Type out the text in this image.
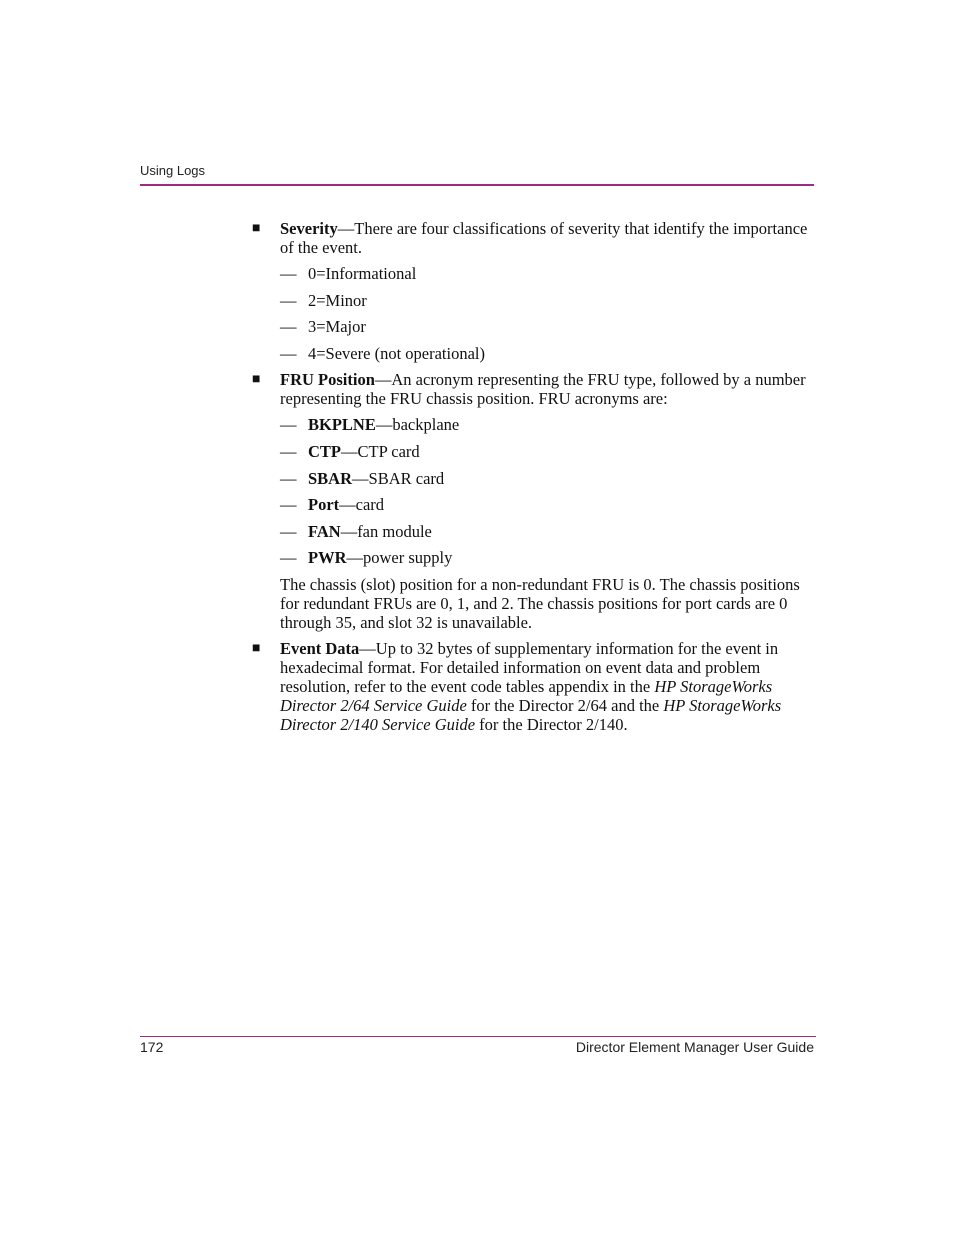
Using Logs
■ Severity—There are four classifications of severity that identify the importance of the event.
— 0=Informational
— 2=Minor
— 3=Major
— 4=Severe (not operational)
■ FRU Position—An acronym representing the FRU type, followed by a number representing the FRU chassis position. FRU acronyms are:
— BKPLNE—backplane
— CTP—CTP card
— SBAR—SBAR card
— Port—card
— FAN—fan module
— PWR—power supply
The chassis (slot) position for a non-redundant FRU is 0. The chassis positions for redundant FRUs are 0, 1, and 2. The chassis positions for port cards are 0 through 35, and slot 32 is unavailable.
■ Event Data—Up to 32 bytes of supplementary information for the event in hexadecimal format. For detailed information on event data and problem resolution, refer to the event code tables appendix in the HP StorageWorks Director 2/64 Service Guide for the Director 2/64 and the HP StorageWorks Director 2/140 Service Guide for the Director 2/140.
172	Director Element Manager User Guide
